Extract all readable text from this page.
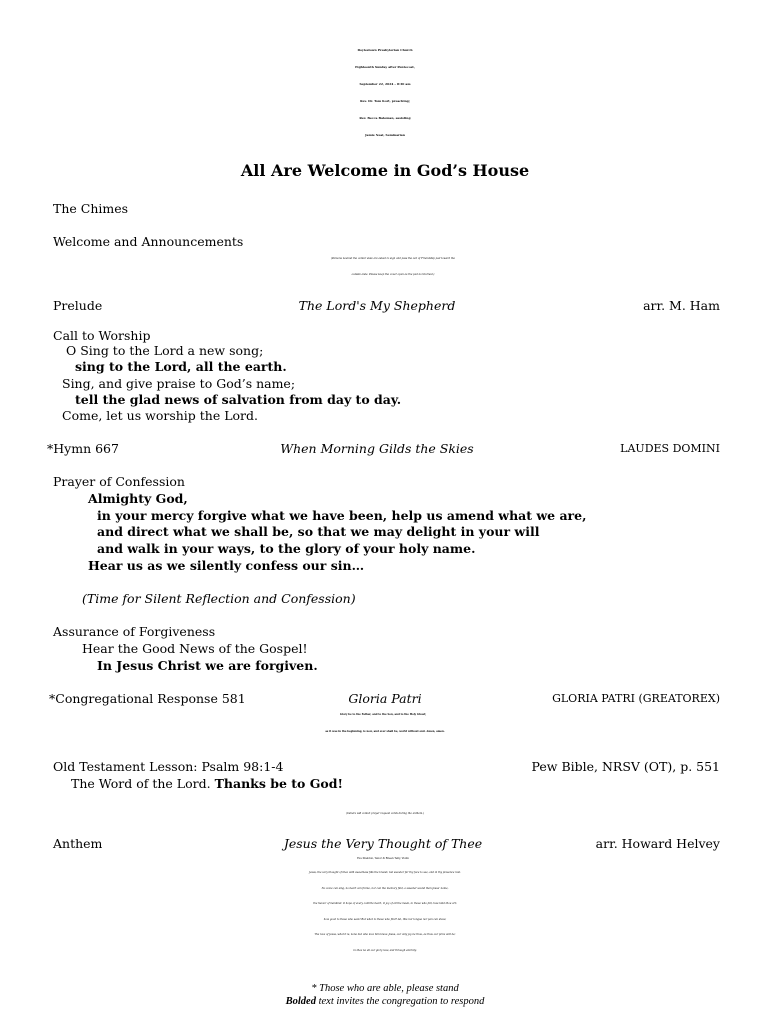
Doylestown Presbyterian Church
Eighteenth Sunday after Pentecost,
September 22, 2024 – 8:30 am
Rev. Dr. Tom Kort, preaching;
Rev. Becca Bateman, assisting
Jamie Neal, Seminarian
All Are Welcome in God’s House
The Chimes
Welcome and Announcements
(Persons nearest the center aisle are asked to sign and pass the Act of Friendship pad toward the
outside aisle. Please keep the cover open as the pad is returned.)
Prelude	The Lord's My Shepherd	arr. M. Ham
Call to Worship
O Sing to the Lord a new song;
sing to the Lord, all the earth.
Sing, and give praise to God’s name;
tell the glad news of salvation from day to day.
Come, let us worship the Lord.
*Hymn 667	When Morning Gilds the Skies	LAUDES DOMINI
Prayer of Confession
Almighty God,
in your mercy forgive what we have been, help us amend what we are,
and direct what we shall be, so that we may delight in your will
and walk in your ways, to the glory of your holy name.
Hear us as we silently confess our sin…
(Time for Silent Reflection and Confession)
Assurance of Forgiveness
Hear the Good News of the Gospel!
In Jesus Christ we are forgiven.
*Congregational Response 581	Gloria Patri	GLORIA PATRI (GREATOREX)
Glory be to the Father, and to the Son, and to the Holy Ghost;
as it was in the beginning, is now, and ever shall be, world without end. Amen, amen.
Old Testament Lesson: Psalm 98:1-4	Pew Bible, NRSV (OT), p. 551
The Word of the Lord. Thanks be to God!
(Ushers will collect prayer request cards during the anthem.)
Anthem	Jesus the Very Thought of Thee	arr. Howard Helvey
Eve Sheldon, Tenor & Eileen Telly, Violin
Jesus, the very thought of thee with sweetness fills the breast; but sweeter far thy face to see, and in thy presence rest.
No voice can sing, no heart can frame, nor can the memory find, a sweeter sound than Jesus’ name,
the Savior of mankind. O hope of every contrite heart, O joy of all the meek, to those who fall, how kind thou art;
how good to those who seek! But what to those who find? Ah, this nor tongue nor pen can show;
The love of Jesus, what it is, none but who love him know. Jesus, our only joy be thou, as thou our prize wilt be;
in thee be all our glory now, and through eternity.
* Those who are able, please stand
Bolded text invites the congregation to respond
